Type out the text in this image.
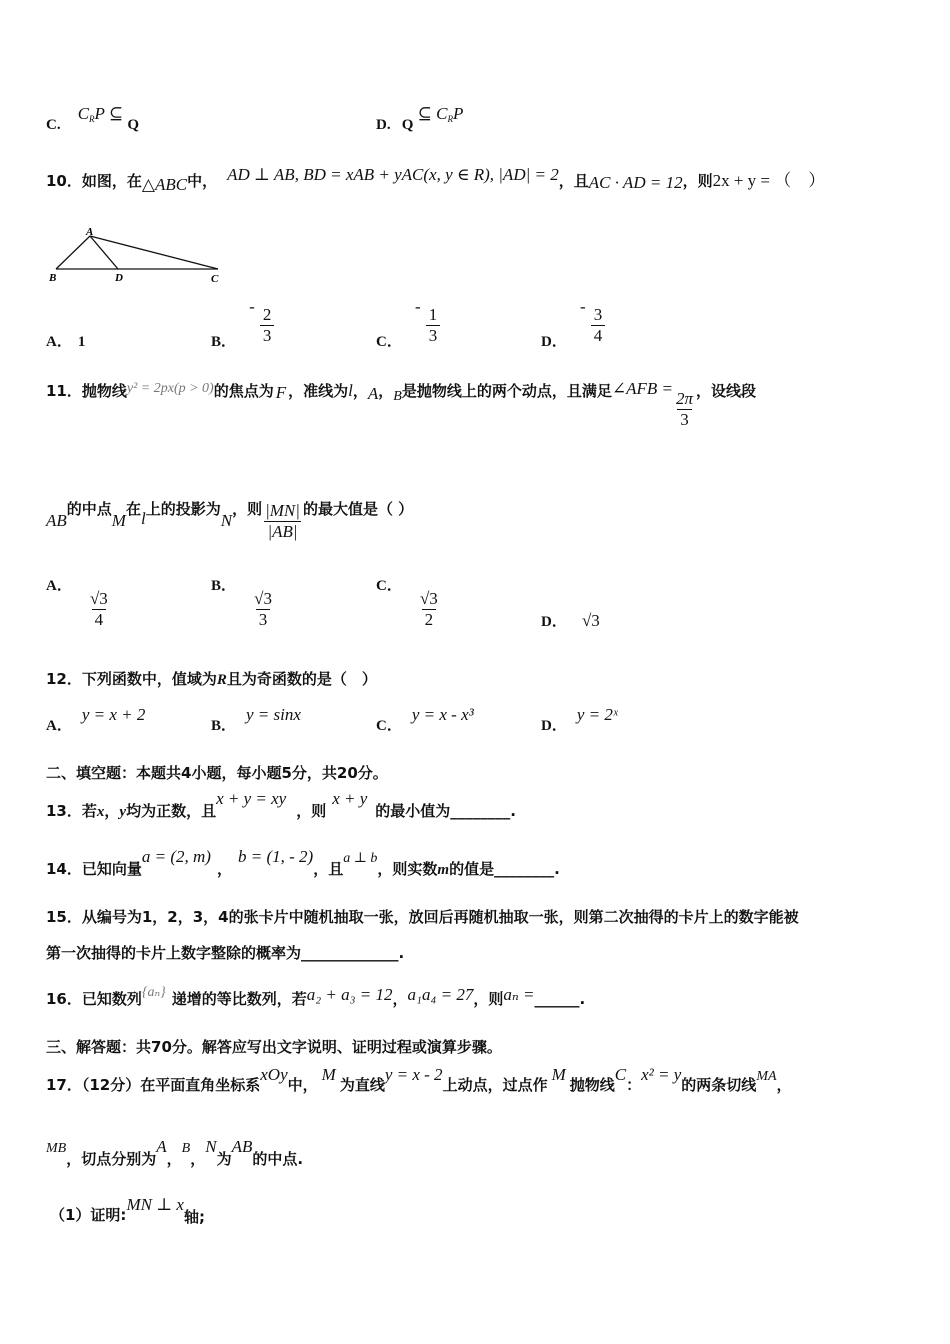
C. $C_RP$ ⊆ Q	D. Q ⊆ $C_RP$
10．如图，在△ABC中， AD ⊥ AB, BD = xAB + yAC(x, y ∈ R), |AD| = 2，且AC · AD = 12，则2x + y = （　）
A
B	D	C
A． 1	B． - $\frac{2}{3}$	C． - $\frac{1}{3}$	D． - $\frac{3}{4}$
11．抛物线y² = 2px(p > 0)的焦点为 F ，准线为l，A，B是抛物线上的两个动点，且满足∠AFB =
$\frac{2\pi}{3}$ ，设线段
AB的中点M在l上的投影为N，则 $\frac{|MN|}{|AB|}$ 的最大值是（ ）
A．
$\frac{√3}{4}$
B．
$\frac{√3}{3}$
C．
$\frac{√3}{2}$	D． √3
12．下列函数中，值域为R且为奇函数的是（　）
A．y = x + 2
B．y = sinx
C．y = x - x³
D．y = 2ˣ
二、填空题：本题共4小题，每小题5分，共20分。
13．若x，y均为正数，且x + y = xy，则x + y的最小值为________.
14．已知向量a = (2, m)，b = (1, - 2)，且a ⊥ b，则实数m的值是________.
15．从编号为1，2，3，4的张卡片中随机抽取一张，放回后再随机抽取一张，则第二次抽得的卡片上的数字能被
第一次抽得的卡片上数字整除的概率为_____________.
16．已知数列{aₙ} 递增的等比数列，若a₂ + a₃ = 12，a₁a₄ = 27，则aₙ =______.
三、解答题：共70分。解答应写出文字说明、证明过程或演算步骤。
17．（12分）在平面直角坐标系xOy中，M为直线y = x - 2上动点，过点作M抛物线C：x² = y的两条切线MA，
MB，切点分别为A，B，N为AB的中点.
（1）证明:MN ⊥ x轴;
